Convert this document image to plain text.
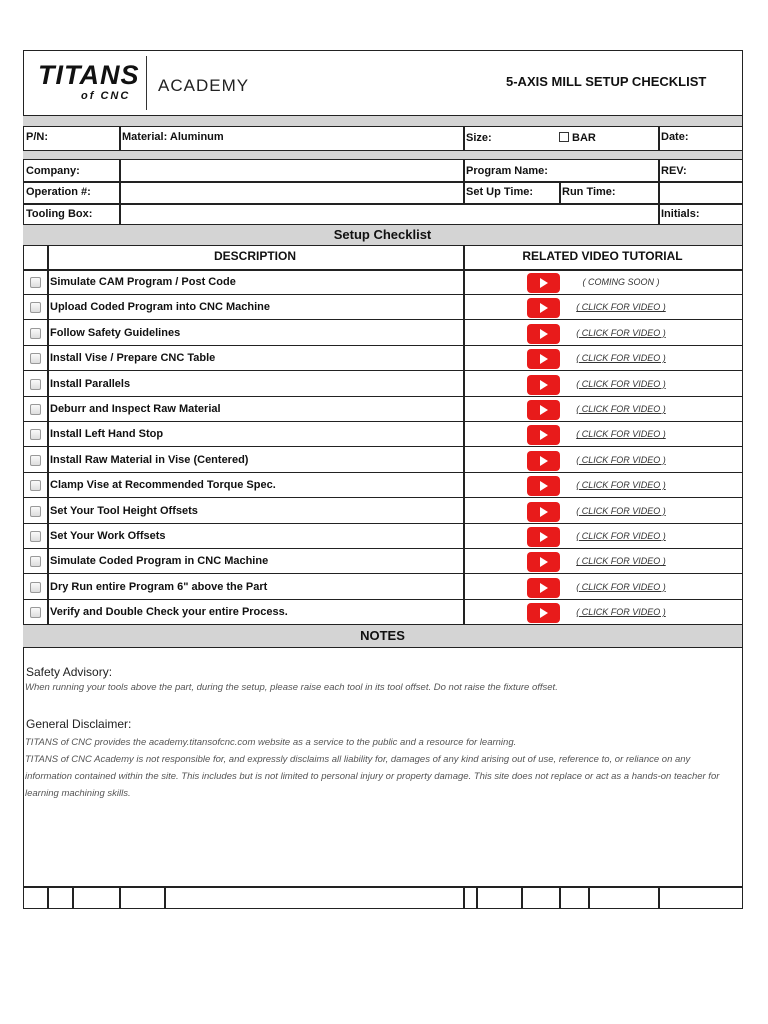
TITANS
of CNC
ACADEMY	5-AXIS MILL SETUP CHECKLIST
P/N:	Material: Aluminum	Size:	BAR	Date:
Company:	Program Name:	REV:
Operation #:	Set Up Time:	Run Time:
Tooling Box:	Initials:
Setup Checklist
DESCRIPTION	RELATED VIDEO TUTORIAL
Simulate CAM Program / Post Code	( COMING SOON )
Upload Coded Program into CNC Machine	( CLICK FOR VIDEO )
Follow Safety Guidelines	( CLICK FOR VIDEO )
Install Vise / Prepare CNC Table	( CLICK FOR VIDEO )
Install Parallels	( CLICK FOR VIDEO )
Deburr and Inspect Raw Material	( CLICK FOR VIDEO )
Install Left Hand Stop	( CLICK FOR VIDEO )
Install Raw Material in Vise (Centered)	( CLICK FOR VIDEO )
Clamp Vise at Recommended Torque Spec.	( CLICK FOR VIDEO )
Set Your Tool Height Offsets	( CLICK FOR VIDEO )
Set Your Work Offsets	( CLICK FOR VIDEO )
Simulate Coded Program in CNC Machine	( CLICK FOR VIDEO )
Dry Run entire Program 6" above the Part	( CLICK FOR VIDEO )
Verify and Double Check your entire Process.	( CLICK FOR VIDEO )
NOTES
Safety Advisory:
When running your tools above the part, during the setup, please raise each tool in its tool offset. Do not raise the fixture offset.
General Disclaimer:
TITANS of CNC provides the academy.titansofcnc.com website as a service to the public and a resource for learning.
TITANS of CNC Academy is not responsible for, and expressly disclaims all liability for, damages of any kind arising out of use, reference to, or reliance on any information contained within the site. This includes but is not limited to personal injury or property damage. This site does not replace or act as a hands-on teacher for learning machining skills.
